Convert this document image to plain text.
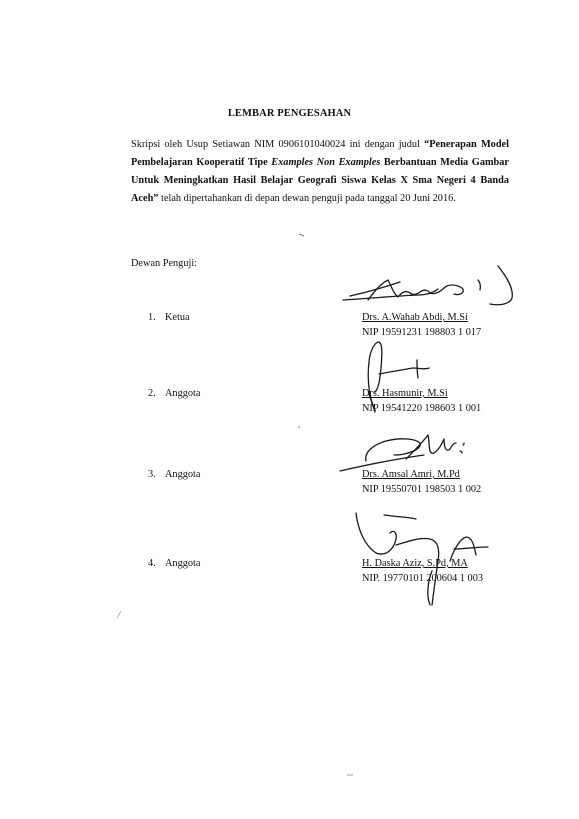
LEMBAR PENGESAHAN
Skripsi oleh Usup Setiawan NIM 0906101040024 ini dengan judul “Penerapan Model Pembelajaran Kooperatif Tipe Examples Non Examples Berbantuan Media Gambar Untuk Meningkatkan Hasil Belajar Geografi Siswa Kelas X Sma Negeri 4 Banda Aceh” telah dipertahankan di depan dewan penguji pada tanggal 20 Juni 2016.
Dewan Penguji:
1. Ketua	Drs. A.Wahab Abdi, M.Si
NIP 19591231 198803 1 017
2. Anggota	Drs. Hasmunir, M.Si
NIP 19541220 198603 1 001
3. Anggota	Drs. Amsal Amri, M.Pd
NIP 19550701 198503 1 002
4. Anggota	H. Daska Aziz, S.Pd, MA
NIP. 19770101 200604 1 003
